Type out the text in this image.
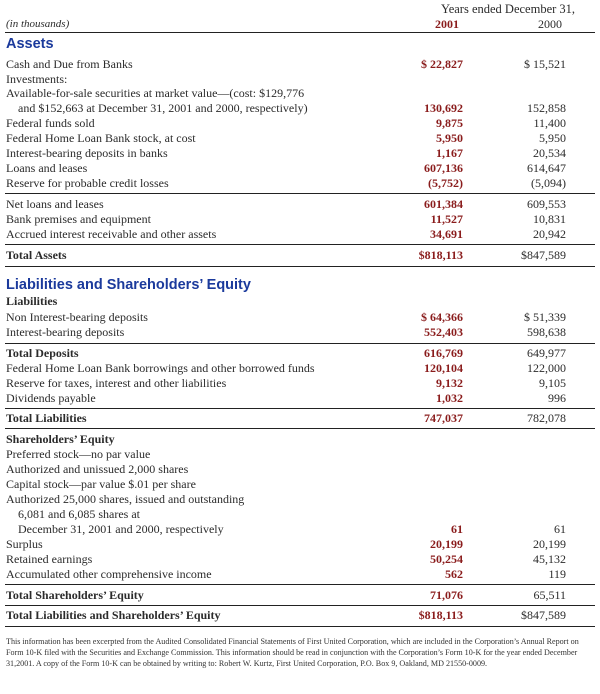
Years ended December 31,
(in thousands)	2001	2000
Assets
Cash and Due from Banks	$ 22,827	$ 15,521
Investments:
Available-for-sale securities at market value—(cost: $129,776
and $152,663 at December 31, 2001 and 2000, respectively)	130,692	152,858
Federal funds sold	9,875	11,400
Federal Home Loan Bank stock, at cost	5,950	5,950
Interest-bearing deposits in banks	1,167	20,534
Loans and leases	607,136	614,647
Reserve for probable credit losses	(5,752)	(5,094)
Net loans and leases	601,384	609,553
Bank premises and equipment	11,527	10,831
Accrued interest receivable and other assets	34,691	20,942
Total Assets	$818,113	$847,589
Liabilities and Shareholders’ Equity
Liabilities
Non Interest-bearing deposits	$ 64,366	$ 51,339
Interest-bearing deposits	552,403	598,638
Total Deposits	616,769	649,977
Federal Home Loan Bank borrowings and other borrowed funds	120,104	122,000
Reserve for taxes, interest and other liabilities	9,132	9,105
Dividends payable	1,032	996
Total Liabilities	747,037	782,078
Shareholders’ Equity
Preferred stock—no par value
Authorized and unissued 2,000 shares
Capital stock—par value $.01 per share
Authorized 25,000 shares, issued and outstanding
6,081 and 6,085 shares at
December 31, 2001 and 2000, respectively	61	61
Surplus	20,199	20,199
Retained earnings	50,254	45,132
Accumulated other comprehensive income	562	119
Total Shareholders’ Equity	71,076	65,511
Total Liabilities and Shareholders’ Equity	$818,113	$847,589
This information has been excerpted from the Audited Consolidated Financial Statements of First United Corporation, which are included in the Corporation’s Annual Report on Form 10-K filed with the Securities and Exchange Commission. This information should be read in conjunction with the Corporation’s Form 10-K for the year ended December 31,2001. A copy of the Form 10-K can be obtained by writing to: Robert W. Kurtz, First United Corporation, P.O. Box 9, Oakland, MD 21550-0009.
